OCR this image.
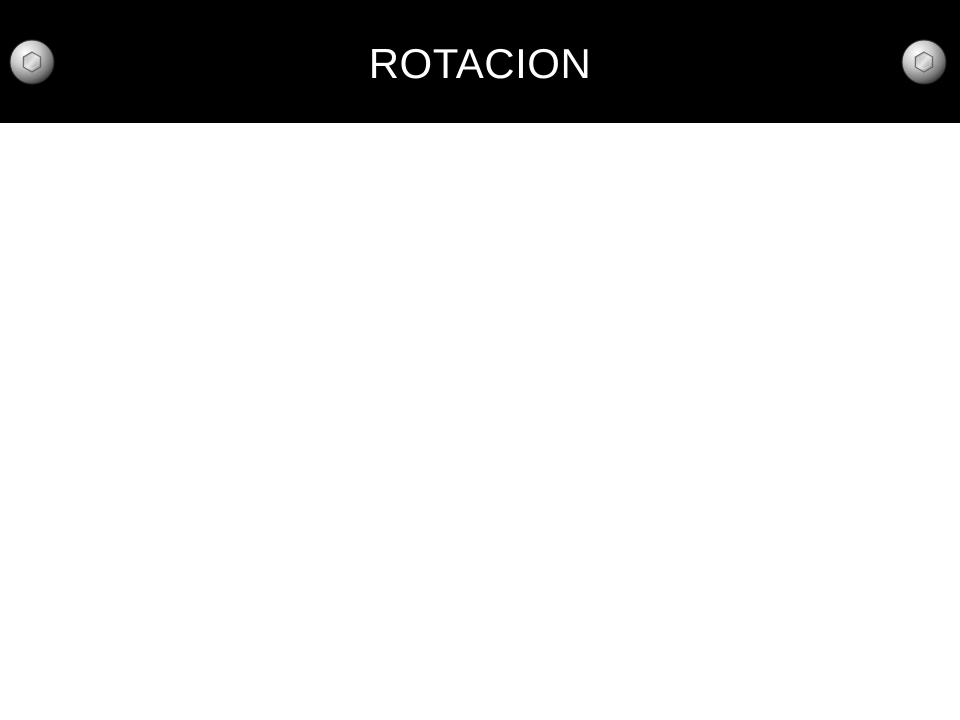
ROTACION
